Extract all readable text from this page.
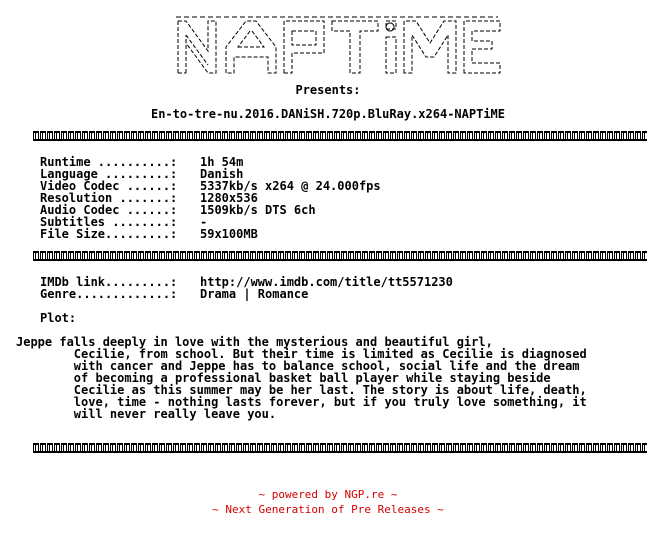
Presents:
En-to-tre-nu.2016.DANiSH.720p.BluRay.x264-NAPTiME
Runtime ..........:	1h 54m
Language .........:	Danish
Video Codec ......:	5337kb/s x264 @ 24.000fps
Resolution .......:	1280x536
Audio Codec ......:	1509kb/s DTS 6ch
Subtitles ........:	-
File Size.........:	59x100MB
IMDb link.........:	http://www.imdb.com/title/tt5571230
Genre.............:	Drama | Romance
Plot:
Jeppe falls deeply in love with the mysterious and beautiful girl,
Cecilie, from school. But their time is limited as Cecilie is diagnosed
with cancer and Jeppe has to balance school, social life and the dream
of becoming a professional basket ball player while staying beside
Cecilie as this summer may be her last. The story is about life, death,
love, time - nothing lasts forever, but if you truly love something, it
will never really leave you.
~ powered by NGP.re ~
~ Next Generation of Pre Releases ~
